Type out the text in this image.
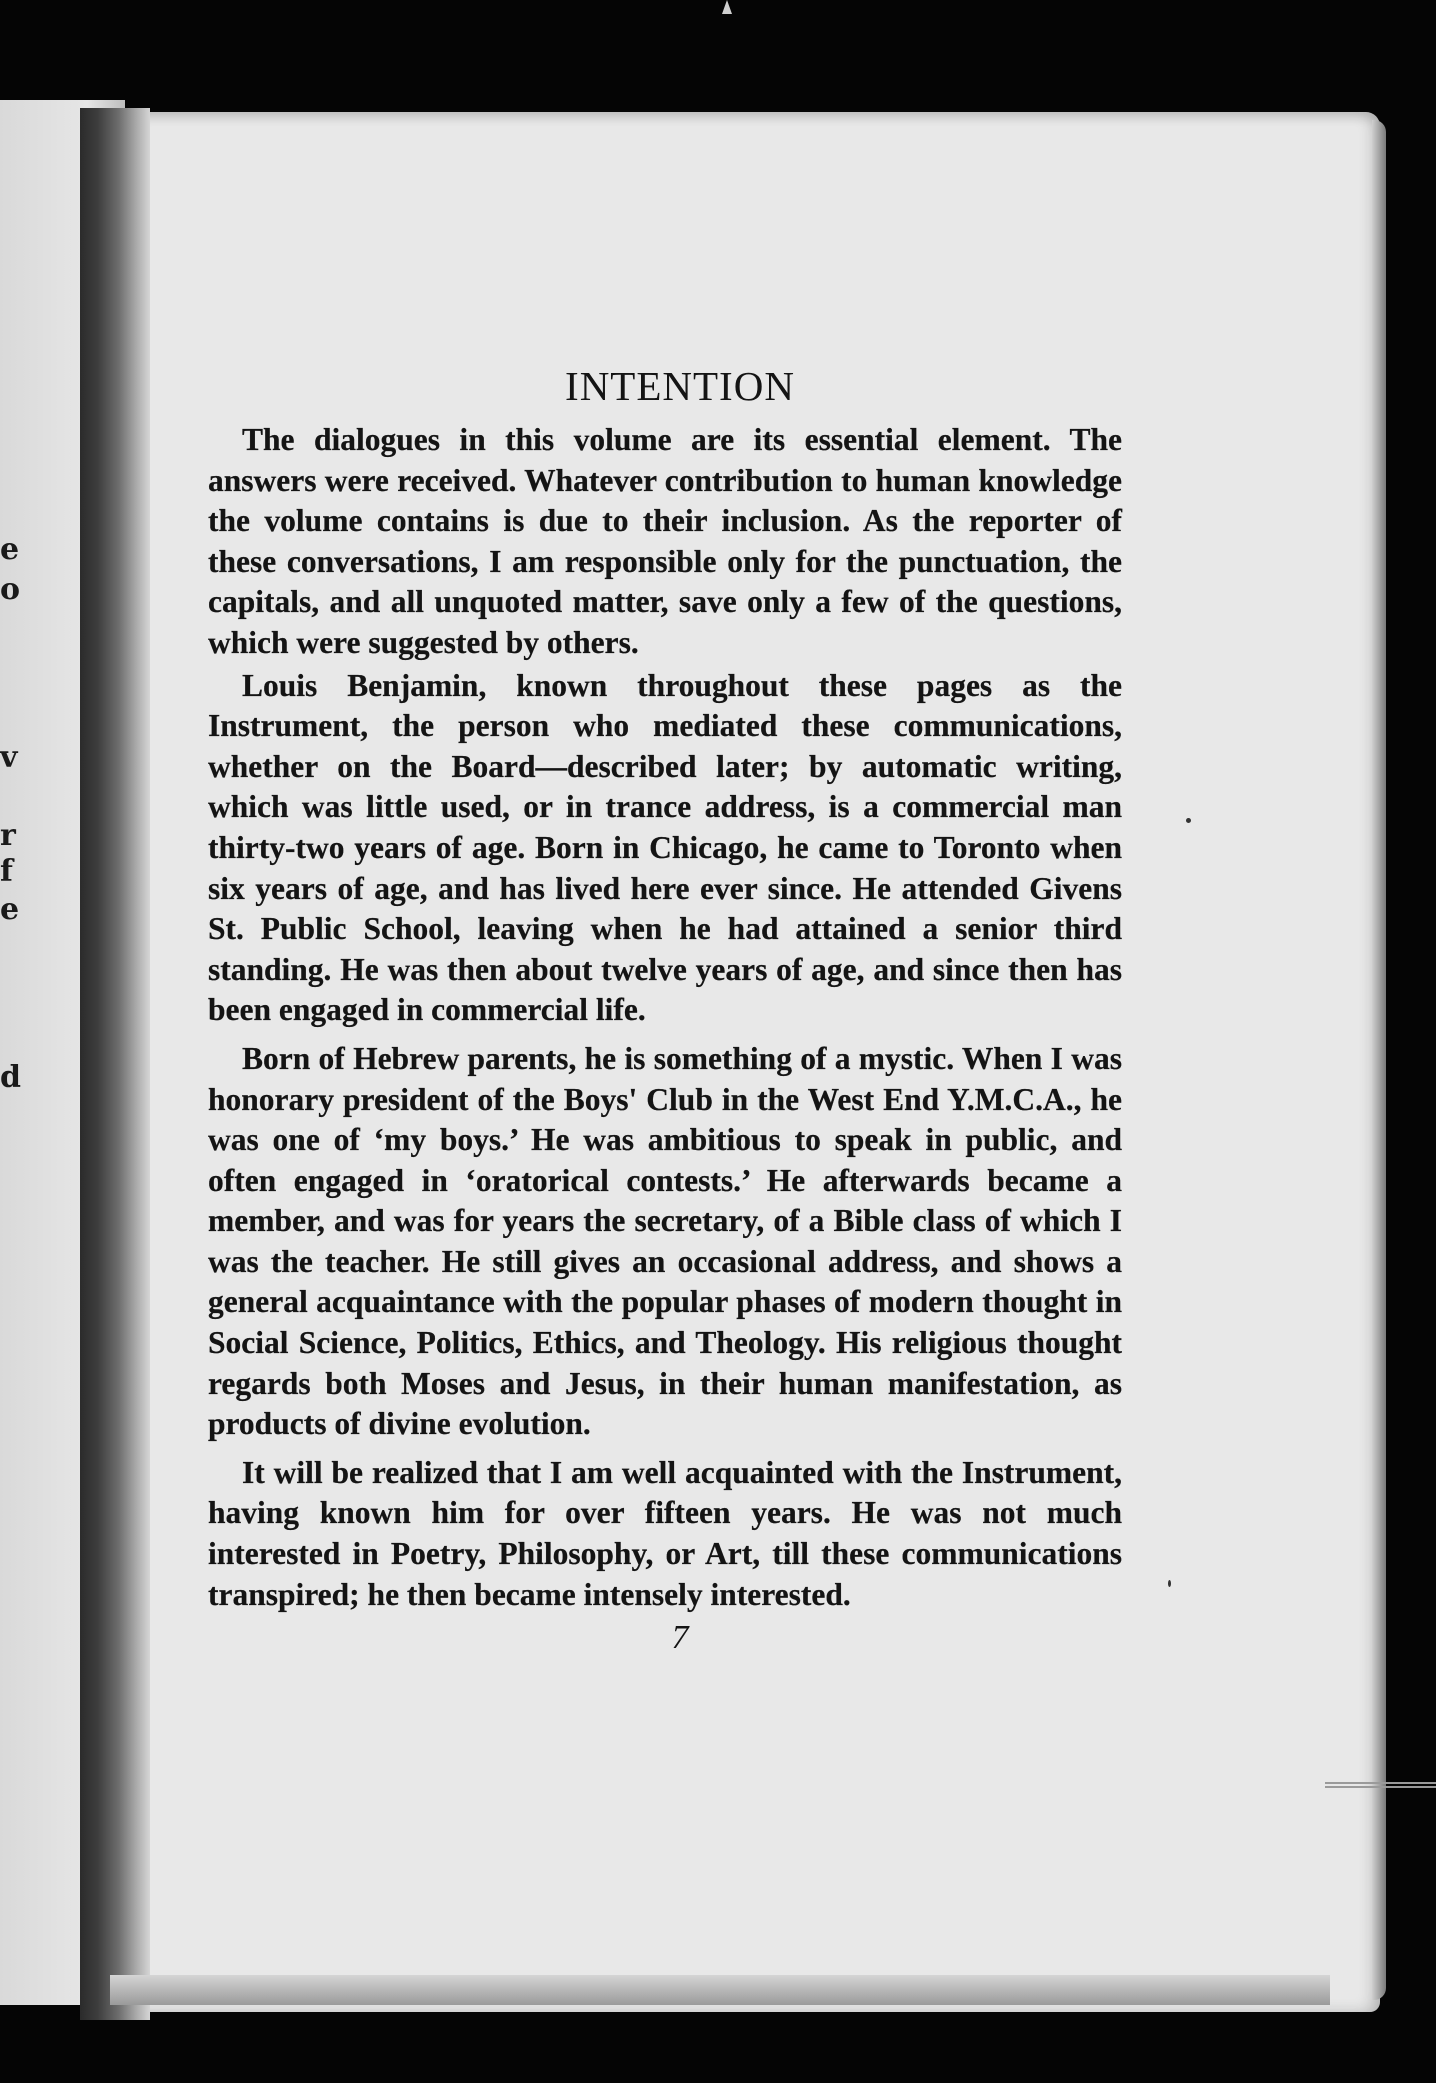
e
o
v
r
f
e
d
INTENTION

The dialogues in this volume are its essential element. The answers were received. Whatever contribution to human knowledge the volume contains is due to their inclusion. As the reporter of these conversations, I am responsible only for the punctuation, the capitals, and all unquoted matter, save only a few of the questions, which were suggested by others.

Louis Benjamin, known throughout these pages as the Instrument, the person who mediated these communications, whether on the Board—described later; by automatic writing, which was little used, or in trance address, is a commercial man thirty-two years of age. Born in Chicago, he came to Toronto when six years of age, and has lived here ever since. He attended Givens St. Public School, leaving when he had attained a senior third standing. He was then about twelve years of age, and since then has been engaged in commercial life.

Born of Hebrew parents, he is something of a mystic. When I was honorary president of the Boys' Club in the West End Y.M.C.A., he was one of ‘my boys.’ He was ambitious to speak in public, and often engaged in ‘oratorical contests.’ He afterwards became a member, and was for years the secretary, of a Bible class of which I was the teacher. He still gives an occasional address, and shows a general acquaintance with the popular phases of modern thought in Social Science, Politics, Ethics, and Theology. His religious thought regards both Moses and Jesus, in their human manifestation, as products of divine evolution.

It will be realized that I am well acquainted with the Instrument, having known him for over fifteen years. He was not much interested in Poetry, Philosophy, or Art, till these communications transpired; he then became intensely interested.

7
